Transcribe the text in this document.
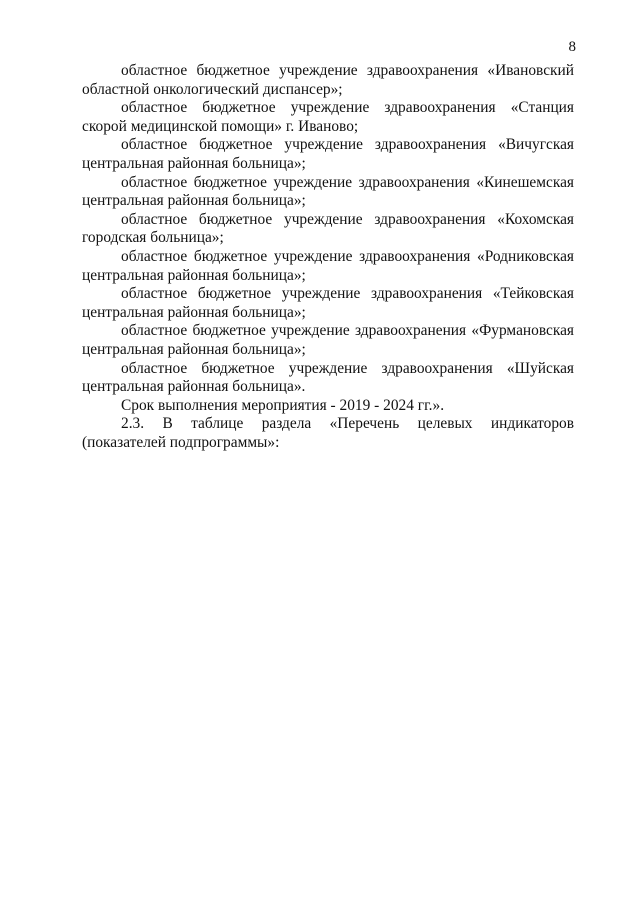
8

областное бюджетное учреждение здравоохранения «Ивановский областной онкологический диспансер»;

областное бюджетное учреждение здравоохранения «Станция скорой медицинской помощи» г. Иваново;

областное бюджетное учреждение здравоохранения «Вичугская центральная районная больница»;

областное бюджетное учреждение здравоохранения «Кинешемская центральная районная больница»;

областное бюджетное учреждение здравоохранения «Кохомская городская больница»;

областное бюджетное учреждение здравоохранения «Родниковская центральная районная больница»;

областное бюджетное учреждение здравоохранения «Тейковская центральная районная больница»;

областное бюджетное учреждение здравоохранения «Фурмановская центральная районная больница»;

областное бюджетное учреждение здравоохранения «Шуйская центральная районная больница».

Срок выполнения мероприятия - 2019 - 2024 гг.».

2.3. В таблице раздела «Перечень целевых индикаторов (показателей подпрограммы»:
